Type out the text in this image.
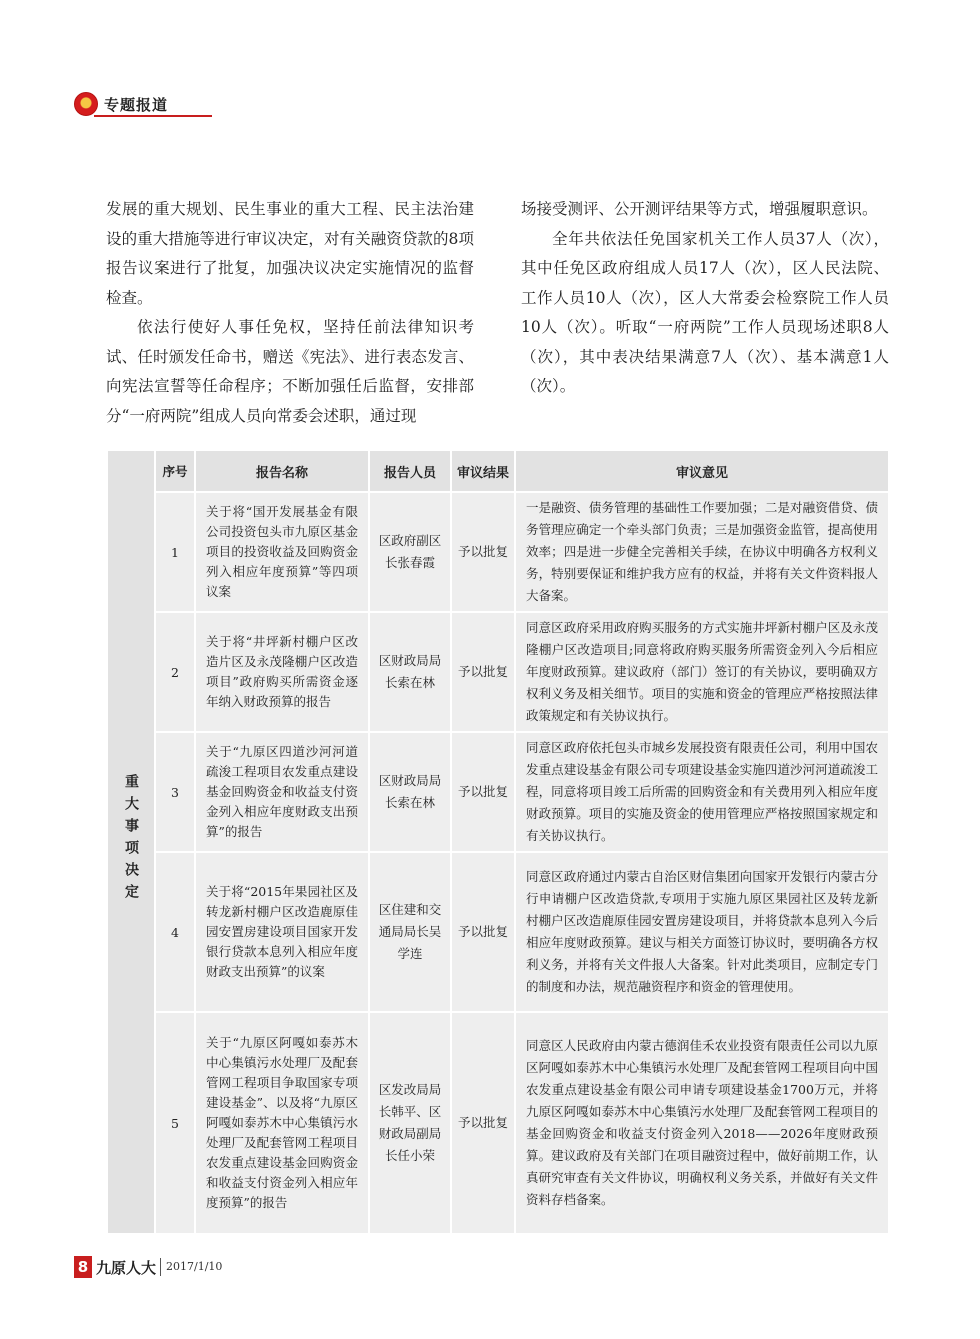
专题报道

发展的重大规划、民生事业的重大工程、民主法治建设的重大措施等进行审议决定，对有关融资贷款的8项报告议案进行了批复，加强决议决定实施情况的监督检查。

依法行使好人事任免权，坚持任前法律知识考试、任时颁发任命书，赠送《宪法》、进行表态发言、向宪法宣誓等任命程序；不断加强任后监督，安排部分“一府两院”组成人员向常委会述职，通过现

场接受测评、公开测评结果等方式，增强履职意识。

全年共依法任免国家机关工作人员37人（次），其中任免区政府组成人员17人（次），区人民法院、工作人员10人（次），区人大常委会检察院工作人员10人（次）。听取“一府两院”工作人员现场述职8人（次），其中表决结果满意7人（次）、基本满意1人（次）。

重大事项决定	序号	报告名称	报告人员	审议结果	审议意见
	1	关于将“国开发展基金有限公司投资包头市九原区基金项目的投资收益及回购资金列入相应年度预算”等四项议案	区政府副区长张春霞	予以批复	一是融资、债务管理的基础性工作要加强；二是对融资借贷、债务管理应确定一个牵头部门负责；三是加强资金监管，提高使用效率；四是进一步健全完善相关手续，在协议中明确各方权利义务，特别要保证和维护我方应有的权益，并将有关文件资料报人大备案。
	2	关于将“井坪新村棚户区改造片区及永茂隆棚户区改造项目”政府购买所需资金逐年纳入财政预算的报告	区财政局局长索在林	予以批复	同意区政府采用政府购买服务的方式实施井坪新村棚户区及永茂隆棚户区改造项目;同意将政府购买服务所需资金列入今后相应年度财政预算。建议政府（部门）签订的有关协议，要明确双方权利义务及相关细节。项目的实施和资金的管理应严格按照法律政策规定和有关协议执行。
	3	关于“九原区四道沙河河道疏浚工程项目农发重点建设基金回购资金和收益支付资金列入相应年度财政支出预算”的报告	区财政局局长索在林	予以批复	同意区政府依托包头市城乡发展投资有限责任公司，利用中国农发重点建设基金有限公司专项建设基金实施四道沙河河道疏浚工程，同意将项目竣工后所需的回购资金和有关费用列入相应年度财政预算。项目的实施及资金的使用管理应严格按照国家规定和有关协议执行。
	4	关于将“2015年果园社区及转龙新村棚户区改造鹿原佳园安置房建设项目国家开发银行贷款本息列入相应年度财政支出预算”的议案	区住建和交通局局长吴学连	予以批复	同意区政府通过内蒙古自治区财信集团向国家开发银行内蒙古分行申请棚户区改造贷款,专项用于实施九原区果园社区及转龙新村棚户区改造鹿原佳园安置房建设项目，并将贷款本息列入今后相应年度财政预算。建议与相关方面签订协议时，要明确各方权利义务，并将有关文件报人大备案。针对此类项目，应制定专门的制度和办法，规范融资程序和资金的管理使用。
	5	关于“九原区阿嘎如泰苏木中心集镇污水处理厂及配套管网工程项目争取国家专项建设基金”、以及将“九原区阿嘎如泰苏木中心集镇污水处理厂及配套管网工程项目农发重点建设基金回购资金和收益支付资金列入相应年度预算”的报告	区发改局局长韩平、区财政局副局长任小荣	予以批复	同意区人民政府由内蒙古德润佳禾农业投资有限责任公司以九原区阿嘎如泰苏木中心集镇污水处理厂及配套管网工程项目向中国农发重点建设基金有限公司申请专项建设基金1700万元，并将九原区阿嘎如泰苏木中心集镇污水处理厂及配套管网工程项目的基金回购资金和收益支付资金列入2018——2026年度财政预算。建议政府及有关部门在项目融资过程中，做好前期工作，认真研究审查有关文件协议，明确权利义务关系，并做好有关文件资料存档备案。
8 九原人大 2017/1/10
